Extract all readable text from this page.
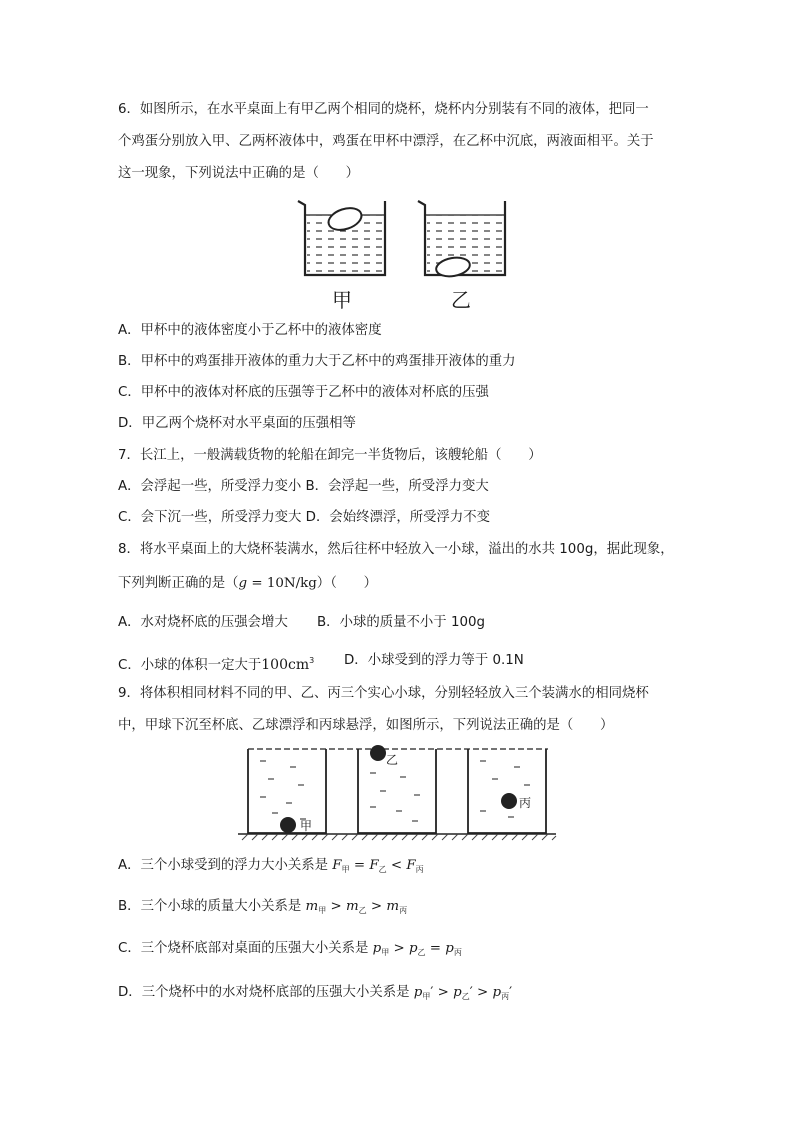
6．如图所示，在水平桌面上有甲乙两个相同的烧杯，烧杯内分别装有不同的液体，把同一
个鸡蛋分别放入甲、乙两杯液体中，鸡蛋在甲杯中漂浮，在乙杯中沉底，两液面相平。关于
这一现象，下列说法中正确的是（　　）
甲	乙
A．甲杯中的液体密度小于乙杯中的液体密度
B．甲杯中的鸡蛋排开液体的重力大于乙杯中的鸡蛋排开液体的重力
C．甲杯中的液体对杯底的压强等于乙杯中的液体对杯底的压强
D．甲乙两个烧杯对水平桌面的压强相等
7．长江上，一般满载货物的轮船在卸完一半货物后，该艘轮船（　　）
A．会浮起一些，所受浮力变小 B．会浮起一些，所受浮力变大
C．会下沉一些，所受浮力变大 D．会始终漂浮，所受浮力不变
8．将水平桌面上的大烧杯装满水，然后往杯中轻放入一小球，溢出的水共 100g，据此现象，
下列判断正确的是（g = 10N/kg）（　　）
A．水对烧杯底的压强会增大 B．小球的质量不小于 100g
C．小球的体积一定大于$100cm^3$ D．小球受到的浮力等于 0.1N
9．将体积相同材料不同的甲、乙、丙三个实心小球，分别轻轻放入三个装满水的相同烧杯
中，甲球下沉至杯底、乙球漂浮和丙球悬浮，如图所示，下列说法正确的是（　　）
甲
乙
丙
A．三个小球受到的浮力大小关系是 $F_甲 = F_乙 < F_丙$
B．三个小球的质量大小关系是 $m_甲 > m_乙 > m_丙$
C．三个烧杯底部对桌面的压强大小关系是 $p_甲 > p_乙 = p_丙$
D．三个烧杯中的水对烧杯底部的压强大小关系是 $p_甲' > p_乙' > p_丙'$
